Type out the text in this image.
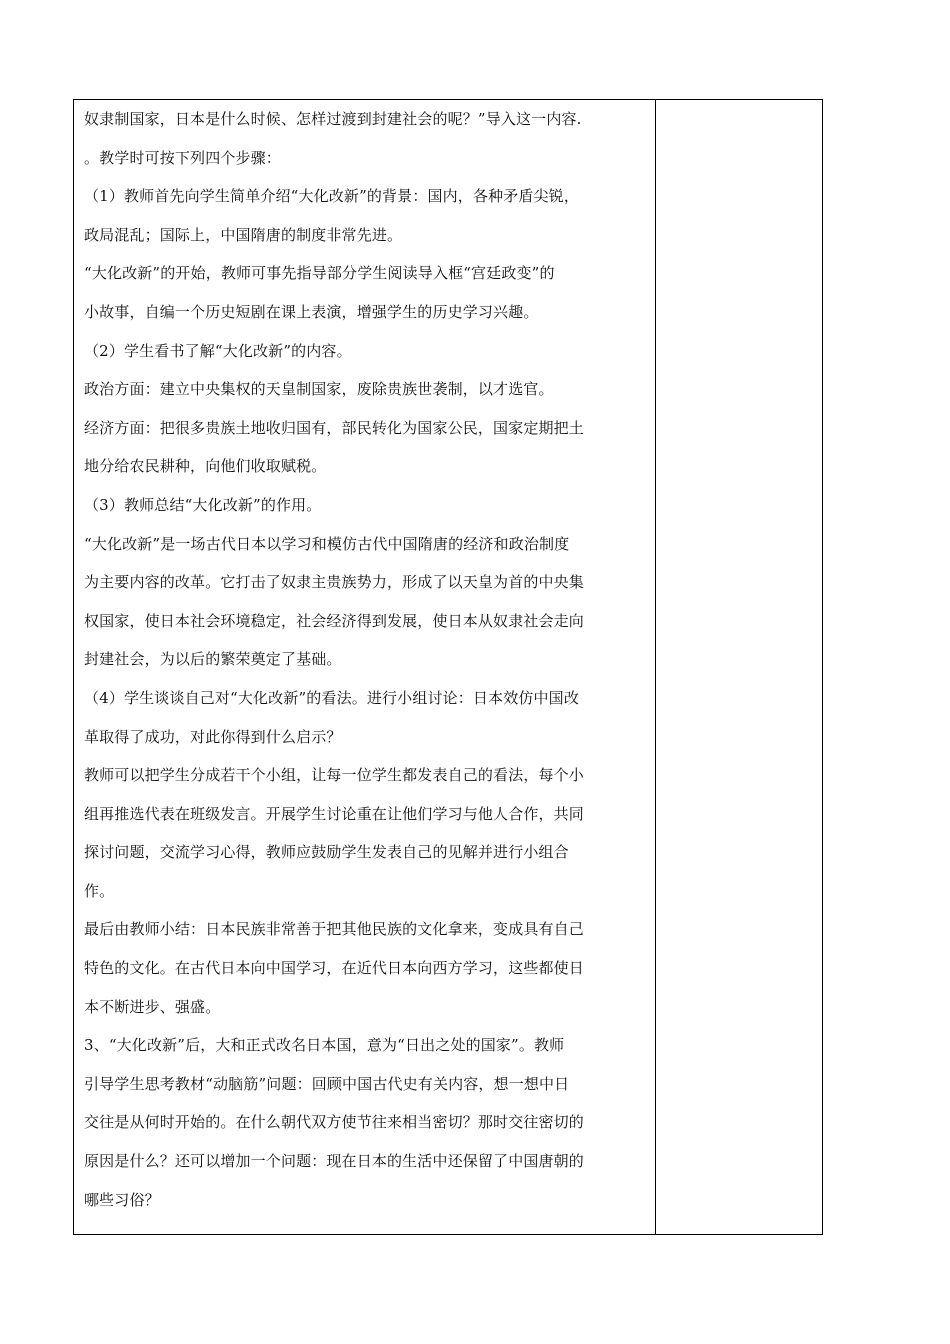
奴隶制国家，日本是什么时候、怎样过渡到封建社会的呢？”导入这一内容.
。教学时可按下列四个步骤：
（1）教师首先向学生简单介绍“大化改新”的背景：国内，各种矛盾尖锐，
政局混乱；国际上，中国隋唐的制度非常先进。
“大化改新”的开始，教师可事先指导部分学生阅读导入框“宫廷政变”的
小故事，自编一个历史短剧在课上表演，增强学生的历史学习兴趣。
（2）学生看书了解“大化改新”的内容。
政治方面：建立中央集权的天皇制国家，废除贵族世袭制，以才选官。
经济方面：把很多贵族土地收归国有，部民转化为国家公民，国家定期把土
地分给农民耕种，向他们收取赋税。
（3）教师总结“大化改新”的作用。
“大化改新”是一场古代日本以学习和模仿古代中国隋唐的经济和政治制度
为主要内容的改革。它打击了奴隶主贵族势力，形成了以天皇为首的中央集
权国家，使日本社会环境稳定，社会经济得到发展，使日本从奴隶社会走向
封建社会，为以后的繁荣奠定了基础。
（4）学生谈谈自己对“大化改新”的看法。进行小组讨论：日本效仿中国改
革取得了成功，对此你得到什么启示？
教师可以把学生分成若干个小组，让每一位学生都发表自己的看法，每个小
组再推选代表在班级发言。开展学生讨论重在让他们学习与他人合作，共同
探讨问题，交流学习心得，教师应鼓励学生发表自己的见解并进行小组合
作。
最后由教师小结：日本民族非常善于把其他民族的文化拿来，变成具有自己
特色的文化。在古代日本向中国学习，在近代日本向西方学习，这些都使日
本不断进步、强盛。
3、“大化改新”后，大和正式改名日本国，意为“日出之处的国家”。教师
引导学生思考教材“动脑筋”问题：回顾中国古代史有关内容，想一想中日
交往是从何时开始的。在什么朝代双方使节往来相当密切？那时交往密切的
原因是什么？还可以增加一个问题：现在日本的生活中还保留了中国唐朝的
哪些习俗？
